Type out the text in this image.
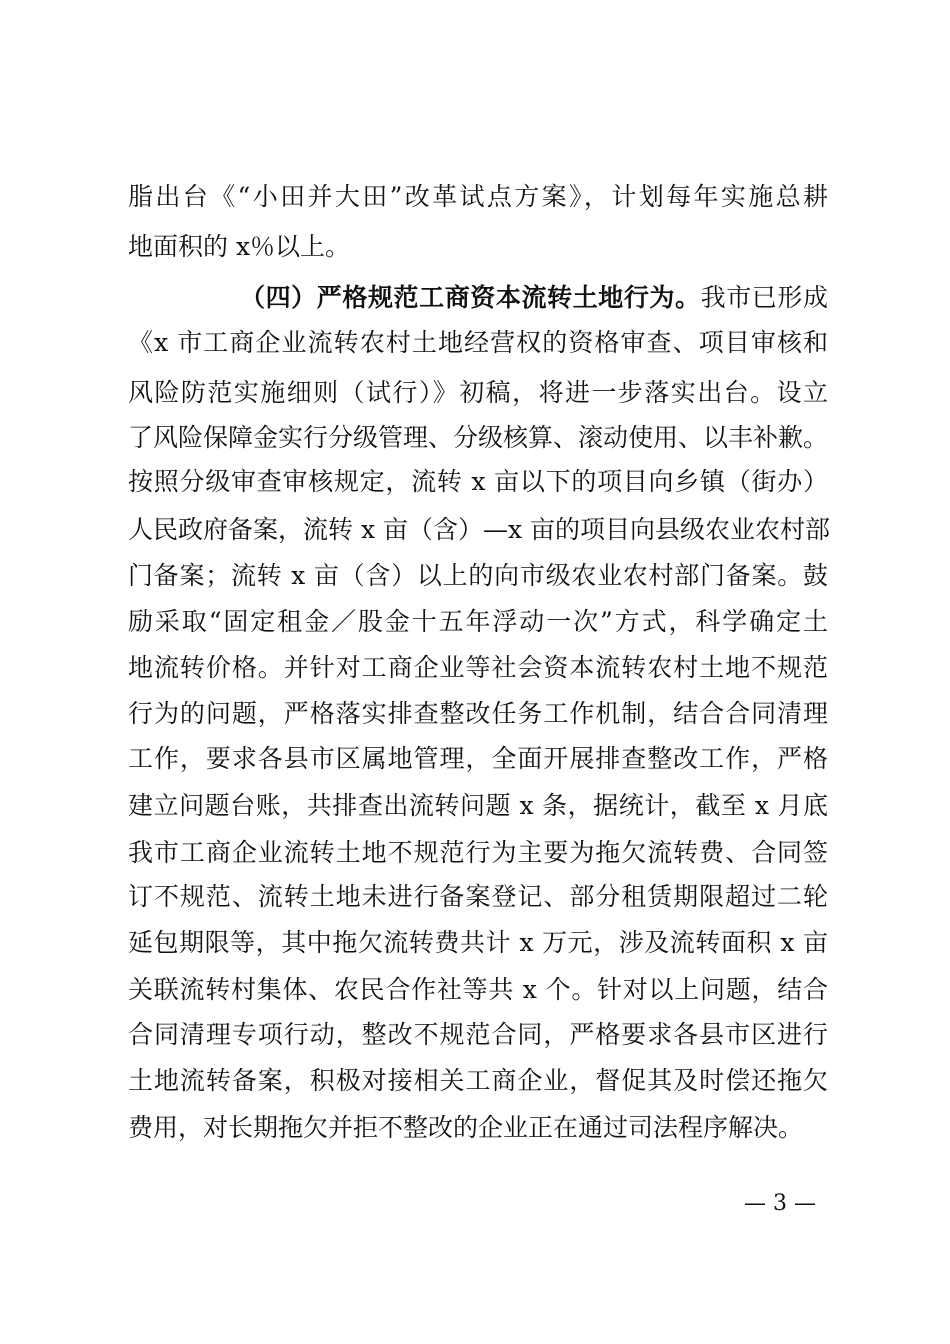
脂出台《“小田并大田”改革试点方案》，计划每年实施总耕
地面积的 x％以上。
（四）严格规范工商资本流转土地行为。我市已形成
《x 市工商企业流转农村土地经营权的资格审查、项目审核和
风险防范实施细则（试行）》初稿，将进一步落实出台。设立
了风险保障金实行分级管理、分级核算、滚动使用、以丰补歉。
按照分级审查审核规定，流转 x 亩以下的项目向乡镇（街办）
人民政府备案，流转 x 亩（含）—x 亩的项目向县级农业农村部
门备案；流转 x 亩（含）以上的向市级农业农村部门备案。鼓
励采取“固定租金／股金十五年浮动一次”方式，科学确定土
地流转价格。并针对工商企业等社会资本流转农村土地不规范
行为的问题，严格落实排查整改任务工作机制，结合合同清理
工作，要求各县市区属地管理，全面开展排查整改工作，严格
建立问题台账，共排查出流转问题 x 条，据统计，截至 x 月底
我市工商企业流转土地不规范行为主要为拖欠流转费、合同签
订不规范、流转土地未进行备案登记、部分租赁期限超过二轮
延包期限等，其中拖欠流转费共计 x 万元，涉及流转面积 x 亩
关联流转村集体、农民合作社等共 x 个。针对以上问题，结合
合同清理专项行动，整改不规范合同，严格要求各县市区进行
土地流转备案，积极对接相关工商企业，督促其及时偿还拖欠
费用，对长期拖欠并拒不整改的企业正在通过司法程序解决。
— 3 —
